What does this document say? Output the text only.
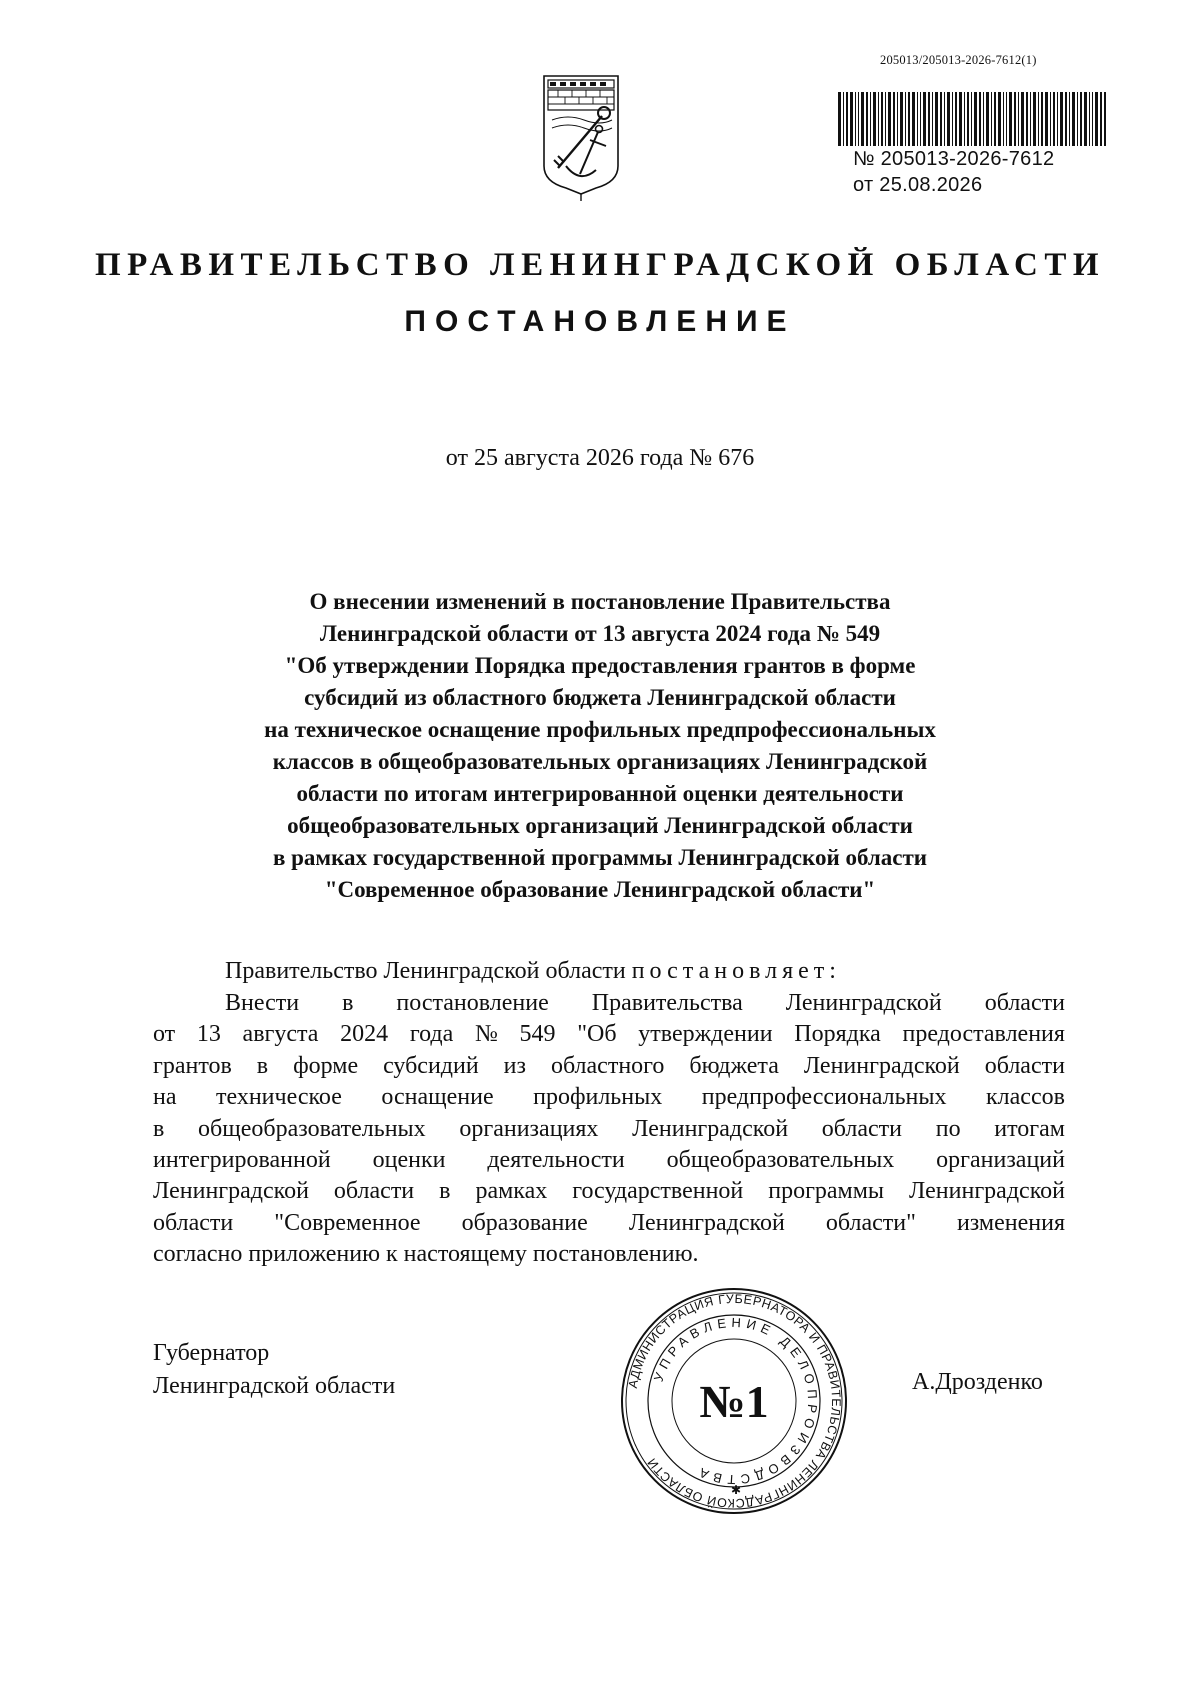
205013/205013-2026-7612(1)
№ 205013-2026-7612
от 25.08.2026
ПРАВИТЕЛЬСТВО ЛЕНИНГРАДСКОЙ ОБЛАСТИ
ПОСТАНОВЛЕНИЕ
от 25 августа 2026 года № 676
О внесении изменений в постановление Правительства
Ленинградской области от 13 августа 2024 года № 549
"Об утверждении Порядка предоставления грантов в форме
субсидий из областного бюджета Ленинградской области
на техническое оснащение профильных предпрофессиональных
классов в общеобразовательных организациях Ленинградской
области по итогам интегрированной оценки деятельности
общеобразовательных организаций Ленинградской области
в рамках государственной программы Ленинградской области
"Современное образование Ленинградской области"
Правительство Ленинградской области постановляет:
Внести в постановление Правительства Ленинградской области
от 13 августа 2024 года № 549 "Об утверждении Порядка предоставления
грантов в форме субсидий из областного бюджета Ленинградской области
на техническое оснащение профильных предпрофессиональных классов
в общеобразовательных организациях Ленинградской области по итогам
интегрированной оценки деятельности общеобразовательных организаций
Ленинградской области в рамках государственной программы Ленинградской
области "Современное образование Ленинградской области" изменения
согласно приложению к настоящему постановлению.
Губернатор
Ленинградской области	А.Дрозденко
АДМИНИСТРАЦИЯ ГУБЕРНАТОРА И ПРАВИТЕЛЬСТВА ЛЕНИНГРАДСКОЙ ОБЛАСТИ
УПРАВЛЕНИЕ ДЕЛОПРОИЗВОДСТВА
№1
✱
